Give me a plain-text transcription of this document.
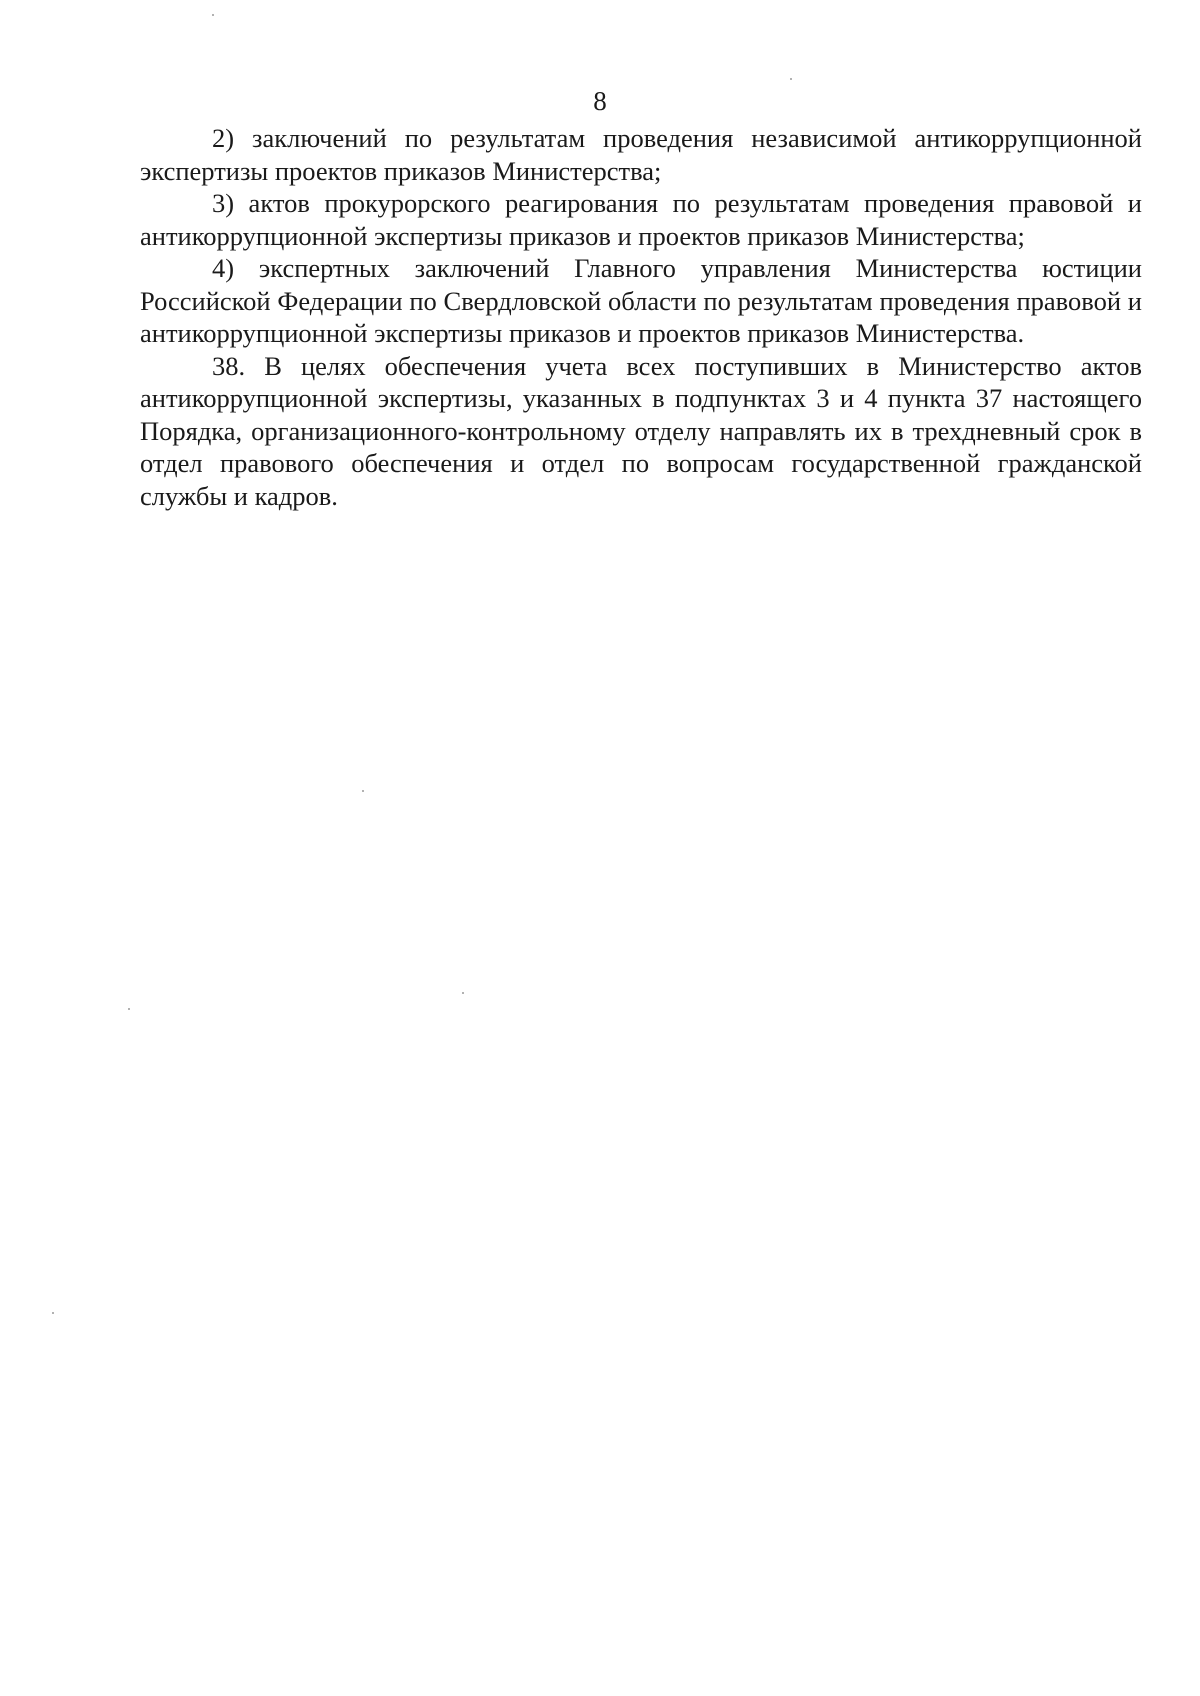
8

2) заключений по результатам проведения независимой антикоррупционной экспертизы проектов приказов Министерства;

3) актов прокурорского реагирования по результатам проведения правовой и антикоррупционной экспертизы приказов и проектов приказов Министерства;

4) экспертных заключений Главного управления Министерства юстиции Российской Федерации по Свердловской области по результатам проведения правовой и антикоррупционной экспертизы приказов и проектов приказов Министерства.

38. В целях обеспечения учета всех поступивших в Министерство актов антикоррупционной экспертизы, указанных в подпунктах 3 и 4 пункта 37 настоящего Порядка, организационного-контрольному отделу направлять их в трехдневный срок в отдел правового обеспечения и отдел по вопросам государственной гражданской службы и кадров.
